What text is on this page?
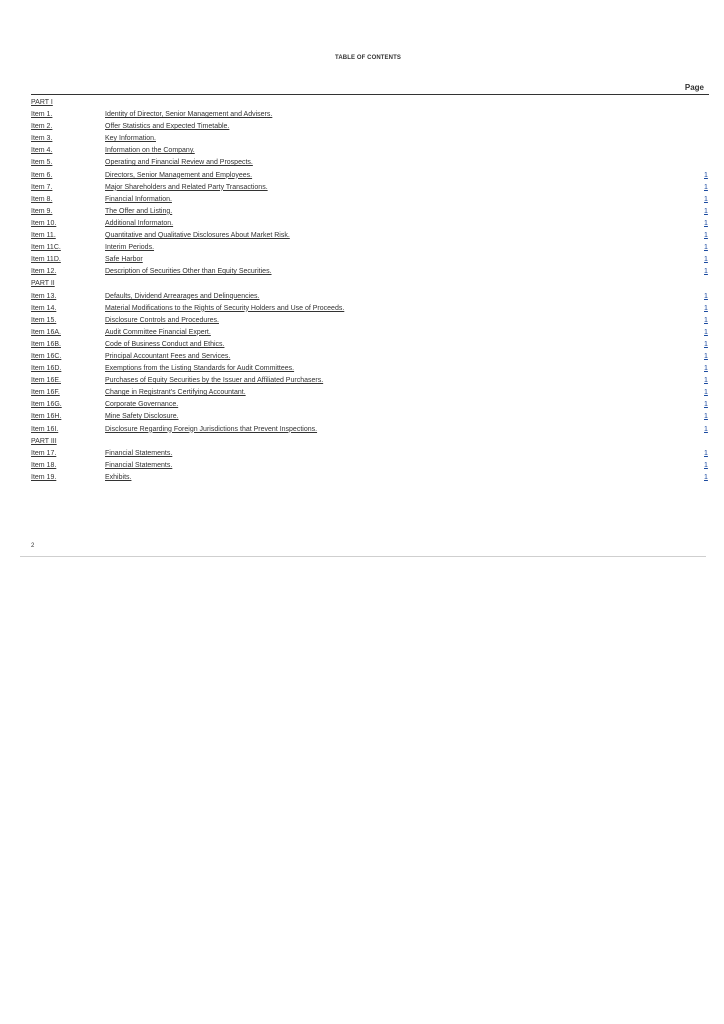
TABLE OF CONTENTS
Page
PART I
Item 1.	Identity of Director, Senior Management and Advisers.
Item 2.	Offer Statistics and Expected Timetable.
Item 3.	Key Information.
Item 4.	Information on the Company.
Item 5.	Operating and Financial Review and Prospects.
Item 6.	Directors, Senior Management and Employees.	1
Item 7.	Major Shareholders and Related Party Transactions.	1
Item 8.	Financial Information.	1
Item 9.	The Offer and Listing.	1
Item 10.	Additional Informaton.	1
Item 11.	Quantitative and Qualitative Disclosures About Market Risk.	1
Item 11C.	Interim Periods.	1
Item 11D.	Safe Harbor	1
Item 12.	Description of Securities Other than Equity Securities.	1
PART II
Item 13.	Defaults, Dividend Arrearages and Delinquencies.	1
Item 14.	Material Modifications to the Rights of Security Holders and Use of Proceeds.	1
Item 15.	Disclosure Controls and Procedures.	1
Item 16A.	Audit Committee Financial Expert.	1
Item 16B.	Code of Business Conduct and Ethics.	1
Item 16C.	Principal Accountant Fees and Services.	1
Item 16D.	Exemptions from the Listing Standards for Audit Committees.	1
Item 16E.	Purchases of Equity Securities by the Issuer and Affiliated Purchasers.	1
Item 16F.	Change in Registrant's Certifying Accountant.	1
Item 16G.	Corporate Governance.	1
Item 16H.	Mine Safety Disclosure.	1
Item 16I.	Disclosure Regarding Foreign Jurisdictions that Prevent Inspections.	1
PART III
Item 17.	Financial Statements.	1
Item 18.	Financial Statements.	1
Item 19.	Exhibits.	1
2
